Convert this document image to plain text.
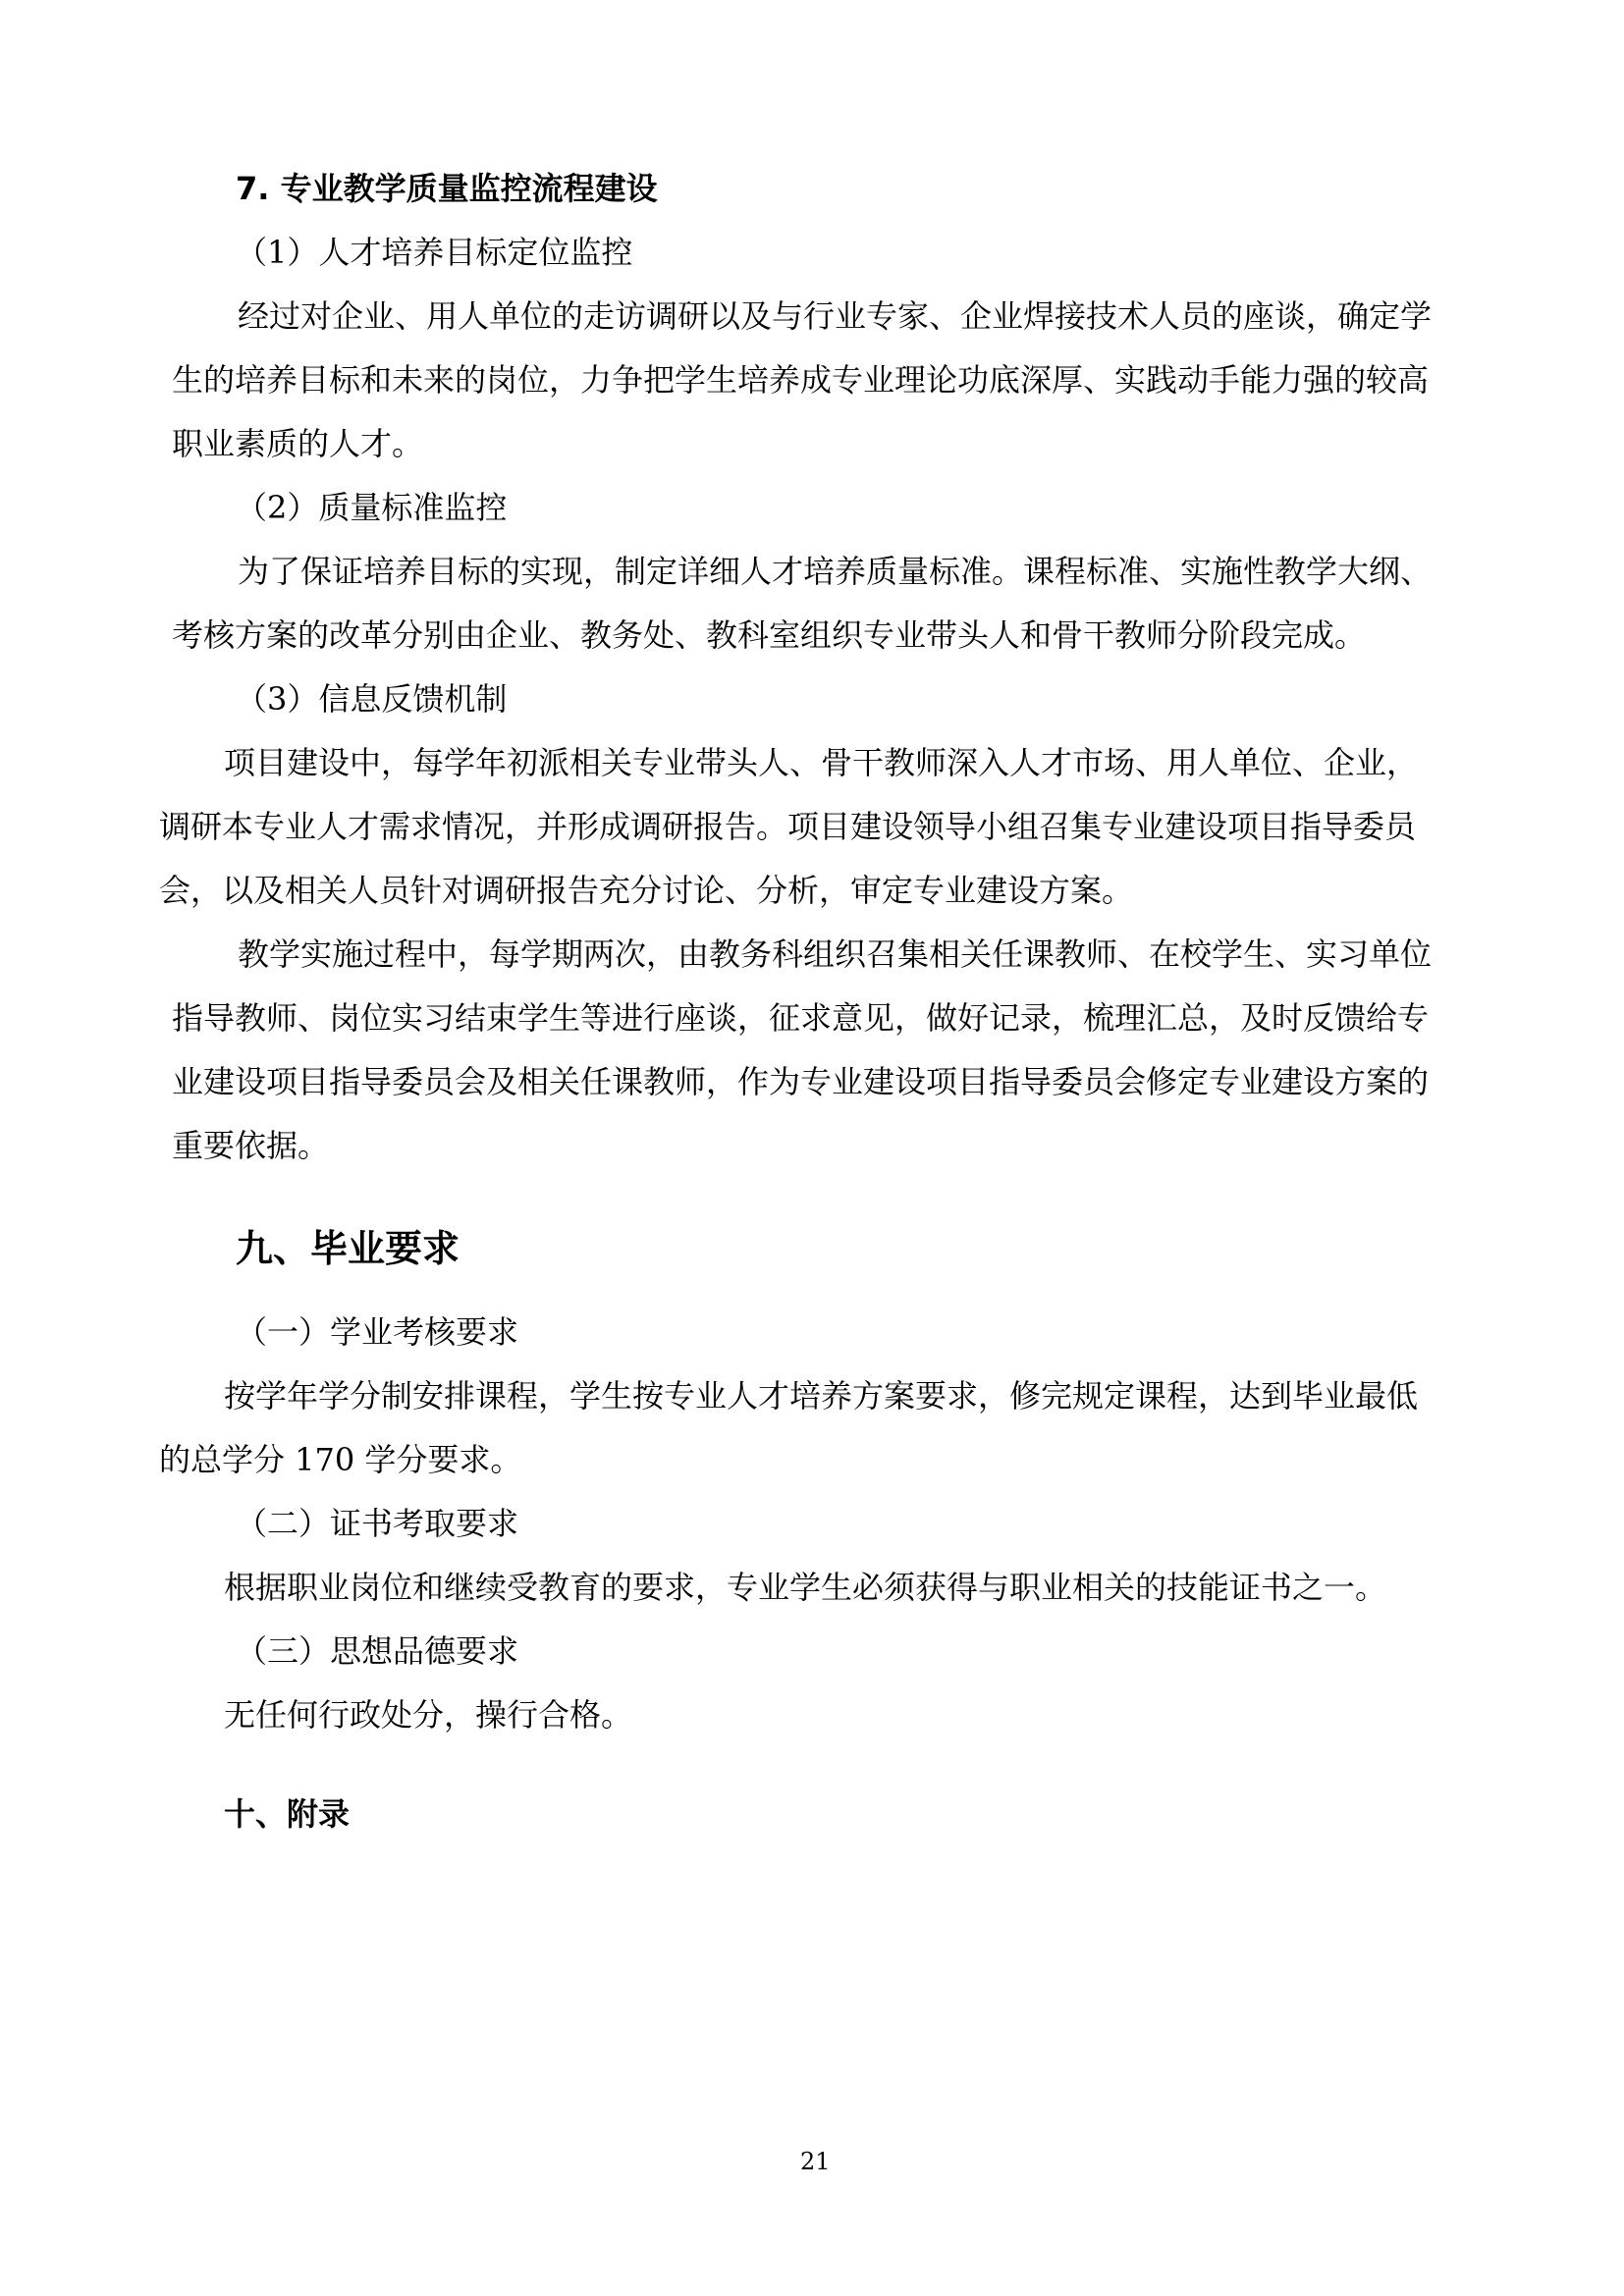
7. 专业教学质量监控流程建设

（1）人才培养目标定位监控

经过对企业、用人单位的走访调研以及与行业专家、企业焊接技术人员的座谈，确定学

生的培养目标和未来的岗位，力争把学生培养成专业理论功底深厚、实践动手能力强的较高

职业素质的人才。

（2）质量标准监控

为了保证培养目标的实现，制定详细人才培养质量标准。课程标准、实施性教学大纲、

考核方案的改革分别由企业、教务处、教科室组织专业带头人和骨干教师分阶段完成。

（3）信息反馈机制

项目建设中，每学年初派相关专业带头人、骨干教师深入人才市场、用人单位、企业，

调研本专业人才需求情况，并形成调研报告。项目建设领导小组召集专业建设项目指导委员

会，以及相关人员针对调研报告充分讨论、分析，审定专业建设方案。

教学实施过程中，每学期两次，由教务科组织召集相关任课教师、在校学生、实习单位

指导教师、岗位实习结束学生等进行座谈，征求意见，做好记录，梳理汇总，及时反馈给专

业建设项目指导委员会及相关任课教师，作为专业建设项目指导委员会修定专业建设方案的

重要依据。

九、毕业要求

（一）学业考核要求

按学年学分制安排课程，学生按专业人才培养方案要求，修完规定课程，达到毕业最低

的总学分 170 学分要求。

（二）证书考取要求

根据职业岗位和继续受教育的要求，专业学生必须获得与职业相关的技能证书之一。

（三）思想品德要求

无任何行政处分，操行合格。

十、附录

21
